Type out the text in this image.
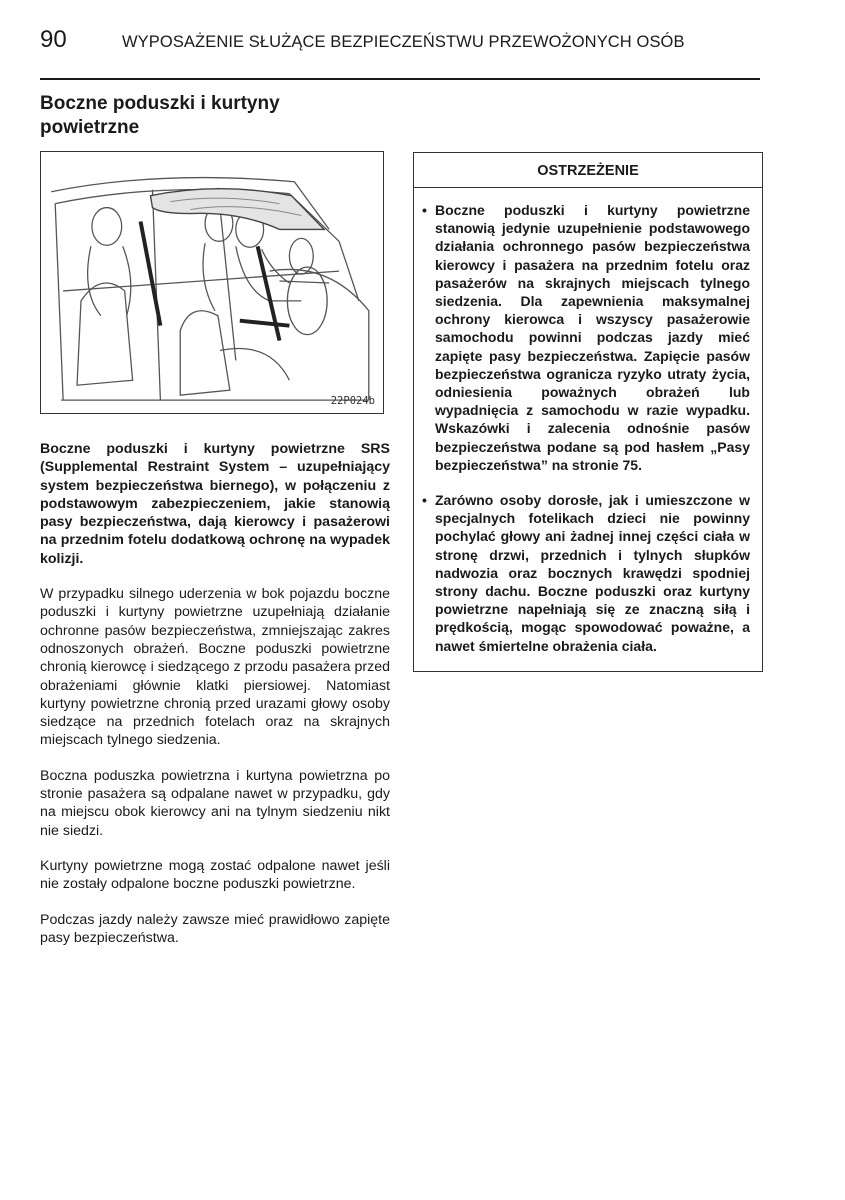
90	WYPOSAŻENIE SŁUŻĄCE BEZPIECZEŃSTWU PRZEWOŻONYCH OSÓB
Boczne poduszki i kurtyny powietrzne
22P024b

Boczne poduszki i kurtyny powietrzne SRS (Supplemental Restraint System – uzupełniający system bezpieczeństwa biernego), w połączeniu z podstawowym zabezpieczeniem, jakie stanowią pasy bezpieczeństwa, dają kierowcy i pasażerowi na przednim fotelu dodatkową ochronę na wypadek kolizji.

W przypadku silnego uderzenia w bok pojazdu boczne poduszki i kurtyny powietrzne uzupełniają działanie ochronne pasów bezpieczeństwa, zmniejszając zakres odnoszonych obrażeń. Boczne poduszki powietrzne chronią kierowcę i siedzącego z przodu pasażera przed obrażeniami głównie klatki piersiowej. Natomiast kurtyny powietrzne chronią przed urazami głowy osoby siedzące na przednich fotelach oraz na skrajnych miejscach tylnego siedzenia.

Boczna poduszka powietrzna i kurtyna powietrzna po stronie pasażera są odpalane nawet w przypadku, gdy na miejscu obok kierowcy ani na tylnym siedzeniu nikt nie siedzi.

Kurtyny powietrzne mogą zostać odpalone nawet jeśli nie zostały odpalone boczne poduszki powietrzne.

Podczas jazdy należy zawsze mieć prawidłowo zapięte pasy bezpieczeństwa.

OSTRZEŻENIE
• Boczne poduszki i kurtyny powietrzne stanowią jedynie uzupełnienie podstawowego działania ochronnego pasów bezpieczeństwa kierowcy i pasażera na przednim fotelu oraz pasażerów na skrajnych miejscach tylnego siedzenia. Dla zapewnienia maksymalnej ochrony kierowca i wszyscy pasażerowie samochodu powinni podczas jazdy mieć zapięte pasy bezpieczeństwa. Zapięcie pasów bezpieczeństwa ogranicza ryzyko utraty życia, odniesienia poważnych obrażeń lub wypadnięcia z samochodu w razie wypadku. Wskazówki i zalecenia odnośnie pasów bezpieczeństwa podane są pod hasłem „Pasy bezpieczeństwa” na stronie 75.
• Zarówno osoby dorosłe, jak i umieszczone w specjalnych fotelikach dzieci nie powinny pochylać głowy ani żadnej innej części ciała w stronę drzwi, przednich i tylnych słupków nadwozia oraz bocznych krawędzi spodniej strony dachu. Boczne poduszki oraz kurtyny powietrzne napełniają się ze znaczną siłą i prędkością, mogąc spowodować poważne, a nawet śmiertelne obrażenia ciała.
